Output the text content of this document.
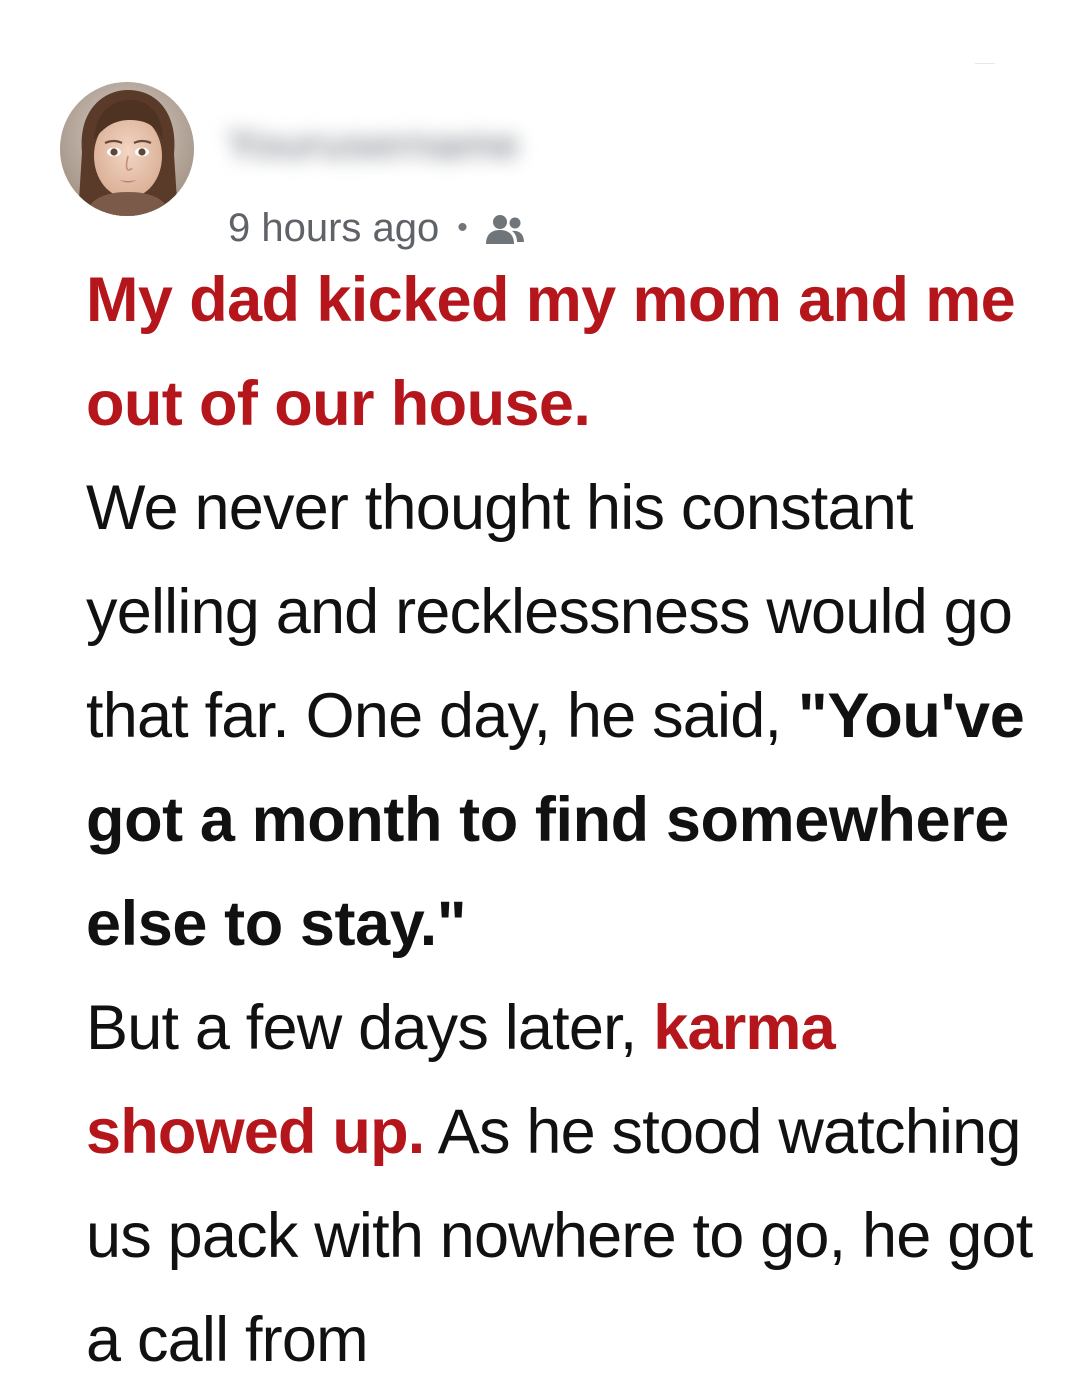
Yourusername
9 hours ago •
My dad kicked my mom and me out of our house.
We never thought his constant yelling and recklessness would go that far. One day, he said, "You've got a month to find somewhere else to stay."
But a few days later, karma showed up. As he stood watching us pack with nowhere to go, he got a call from
